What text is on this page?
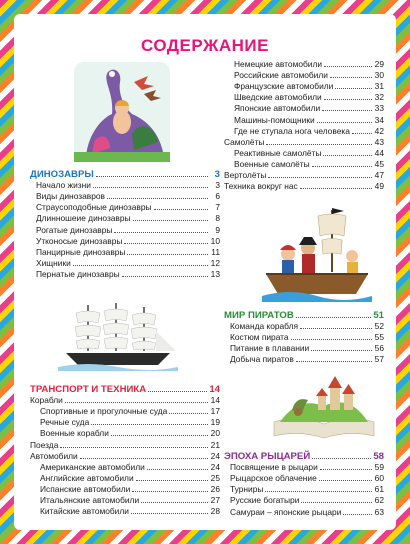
СОДЕРЖАНИЕ
ДИНОЗАВРЫ	3
Начало жизни	3
Виды динозавров	6
Страусоподобные динозавры	7
Длинношеие динозавры	8
Рогатые динозавры	9
Утконосые динозавры	10
Панцирные динозавры	11
Хищники	12
Пернатые динозавры	13
ТРАНСПОРТ И ТЕХНИКА	14
Корабли	14
Спортивные и прогулочные суда	17
Речные суда	19
Военные корабли	20
Поезда	21
Автомобили	24
Американские автомобили	24
Английские автомобили	25
Испанские автомобили	26
Итальянские автомобили	27
Китайские автомобили	28
Немецкие автомобили	29
Российские автомобили	30
Французские автомобили	31
Шведские автомобили	32
Японские автомобили	33
Машины-помощники	34
Где не ступала нога человека	42
Самолёты	43
Реактивные самолёты	44
Военные самолёты	45
Вертолёты	47
Техника вокруг нас	49
МИР ПИРАТОВ	51
Команда корабля	52
Костюм пирата	55
Питание в плавании	56
Добыча пиратов	57
ЭПОХА РЫЦАРЕЙ	58
Посвящение в рыцари	59
Рыцарское облачение	60
Турниры	61
Русские богатыри	62
Самураи – японские рыцари	63
